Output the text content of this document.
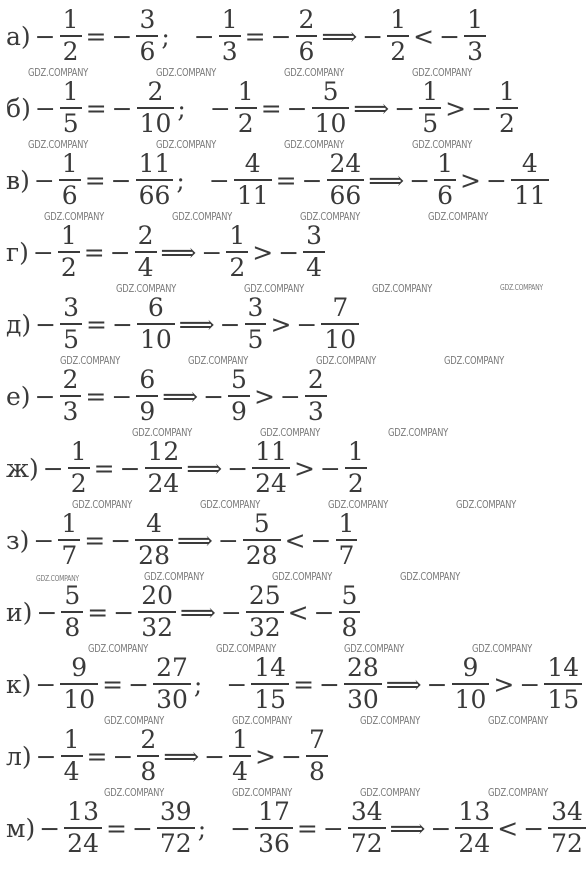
$а) - \frac{1}{2}$ = − $\frac{3}{6}$ ; − $\frac{1}{3}$ = − $\frac{2}{6}$ ⟹ − $\frac{1}{2}$ < − $\frac{1}{3}$
$б) - \frac{1}{5}$ = − $\frac{2}{10}$ ; − $\frac{1}{2}$ = − $\frac{5}{10}$ ⟹ − $\frac{1}{5}$ > − $\frac{1}{2}$
$в) - \frac{1}{6}$ = − $\frac{11}{66}$ ; − $\frac{4}{11}$ = − $\frac{24}{66}$ ⟹ − $\frac{1}{6}$ > − $\frac{4}{11}$
$г) - \frac{1}{2}$ = − $\frac{2}{4}$ ⟹ − $\frac{1}{2}$ > − $\frac{3}{4}$
$д) - \frac{3}{5}$ = − $\frac{6}{10}$ ⟹ − $\frac{3}{5}$ > − $\frac{7}{10}$
$е) - \frac{2}{3}$ = − $\frac{6}{9}$ ⟹ − $\frac{5}{9}$ > − $\frac{2}{3}$
$ж) - \frac{1}{2}$ = − $\frac{12}{24}$ ⟹ − $\frac{11}{24}$ > − $\frac{1}{2}$
$з) - \frac{1}{7}$ = − $\frac{4}{28}$ ⟹ − $\frac{5}{28}$ < − $\frac{1}{7}$
$и) - \frac{5}{8}$ = − $\frac{20}{32}$ ⟹ − $\frac{25}{32}$ < − $\frac{5}{8}$
$к) - \frac{9}{10}$ = − $\frac{27}{30}$ ; − $\frac{14}{15}$ = − $\frac{28}{30}$ ⟹ − $\frac{9}{10}$ > − $\frac{14}{15}$
$л) - \frac{1}{4}$ = − $\frac{2}{8}$ ⟹ − $\frac{1}{4}$ > − $\frac{7}{8}$
$м) - \frac{13}{24}$ = − $\frac{39}{72}$ ; − $\frac{17}{36}$ = − $\frac{34}{72}$ ⟹ − $\frac{13}{24}$ < − $\frac{34}{72}$
GDZ.COMPANY	GDZ.COMPANY	GDZ.COMPANY	GDZ.COMPANY
GDZ.COMPANY	GDZ.COMPANY	GDZ.COMPANY	GDZ.COMPANY
GDZ.COMPANY	GDZ.COMPANY	GDZ.COMPANY	GDZ.COMPANY
GDZ.COMPANY	GDZ.COMPANY	GDZ.COMPANY	GDZ.COMPANY
GDZ.COMPANY	GDZ.COMPANY	GDZ.COMPANY	GDZ.COMPANY
GDZ.COMPANY	GDZ.COMPANY	GDZ.COMPANY
GDZ.COMPANY	GDZ.COMPANY	GDZ.COMPANY	GDZ.COMPANY
GDZ.COMPANY	GDZ.COMPANY	GDZ.COMPANY	GDZ.COMPANY
GDZ.COMPANY	GDZ.COMPANY	GDZ.COMPANY	GDZ.COMPANY
GDZ.COMPANY	GDZ.COMPANY	GDZ.COMPANY	GDZ.COMPANY
GDZ.COMPANY	GDZ.COMPANY	GDZ.COMPANY	GDZ.COMPANY
